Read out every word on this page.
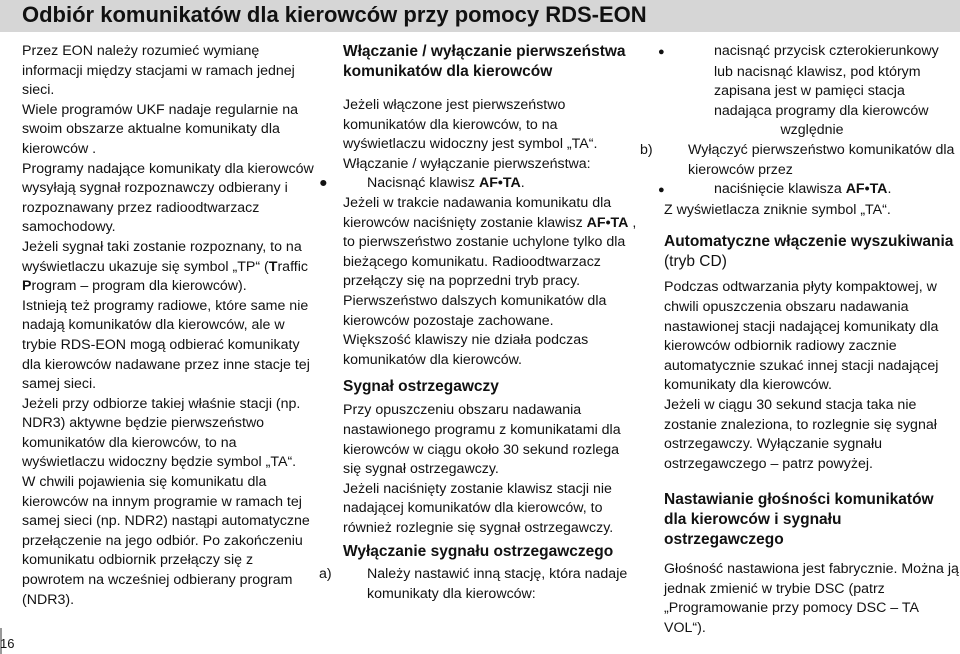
Odbiór komunikatów dla kierowców przy pomocy RDS-EON

Przez EON należy rozumieć wymianę informacji między stacjami w ramach jednej sieci.

Wiele programów UKF nadaje regularnie na swoim obszarze aktualne komunikaty dla kierowców .

Programy nadające komunikaty dla kierowców wysyłają sygnał rozpoznawczy odbierany i rozpoznawany przez radioodtwarzacz samochodowy.

Jeżeli sygnał taki zostanie rozpoznany, to na wyświetlaczu ukazuje się symbol „TP“ (Traffic Program – program dla kierowców).

Istnieją też programy radiowe, które same nie nadają komunikatów dla kierowców, ale w trybie RDS-EON mogą odbierać komunikaty dla kierowców nadawane przez inne stacje tej samej sieci.

Jeżeli przy odbiorze takiej właśnie stacji (np. NDR3) aktywne będzie pierwszeństwo komunikatów dla kierowców, to na wyświetlaczu widoczny będzie symbol „TA“.

W chwili pojawienia się komunikatu dla kierowców na innym programie w ramach tej samej sieci (np. NDR2) nastąpi automatyczne przełączenie na jego odbiór. Po zakończeniu komunikatu odbiornik przełączy się z powrotem na wcześniej odbierany program (NDR3).

Włączanie / wyłączanie pierwszeństwa komunikatów dla kierowców

Jeżeli włączone jest pierwszeństwo komunikatów dla kierowców, to na wyświetlaczu widoczny jest symbol „TA“.

Włączanie / wyłączanie pierwszeństwa:

●	Nacisnąć klawisz AF•TA.

Jeżeli w trakcie nadawania komunikatu dla kierowców naciśnięty zostanie klawisz AF•TA , to pierwszeństwo zostanie uchylone tylko dla bieżącego komunikatu. Radioodtwarzacz przełączy się na poprzedni tryb pracy. Pierwszeństwo dalszych komunikatów dla kierowców pozostaje zachowane.

Większość klawiszy nie działa podczas komunikatów dla kierowców.

Sygnał ostrzegawczy

Przy opuszczeniu obszaru nadawania nastawionego programu z komunikatami dla kierowców w ciągu około 30 sekund rozlega się sygnał ostrzegawczy.

Jeżeli naciśnięty zostanie klawisz stacji nie nadającej komunikatów dla kierowców, to również rozlegnie się sygnał ostrzegawczy.

Wyłączanie sygnału ostrzegawczego

a) Należy nastawić inną stację, która nadaje komunikaty dla kierowców:

●	nacisnąć przycisk czterokierunkowy lub nacisnąć klawisz, pod którym zapisana jest w pamięci stacja nadająca programy dla kierowców

względnie

b) Wyłączyć pierwszeństwo komunikatów dla kierowców przez

●	naciśnięcie klawisza AF•TA.

Z wyświetlacza zniknie symbol „TA“.

Automatyczne włączenie wyszukiwania (tryb CD)

Podczas odtwarzania płyty kompaktowej, w chwili opuszczenia obszaru nadawania nastawionej stacji nadającej komunikaty dla kierowców odbiornik radiowy zacznie automatycznie szukać innej stacji nadającej komunikaty dla kierowców.

Jeżeli w ciągu 30 sekund stacja taka nie zostanie znaleziona, to rozlegnie się sygnał ostrzegawczy. Wyłączanie sygnału ostrzegawczego – patrz powyżej.

Nastawianie głośności komunikatów dla kierowców i sygnału ostrzegawczego

Głośność nastawiona jest fabrycznie. Można ją jednak zmienić w trybie DSC (patrz „Programowanie przy pomocy DSC – TA VOL“).

16
